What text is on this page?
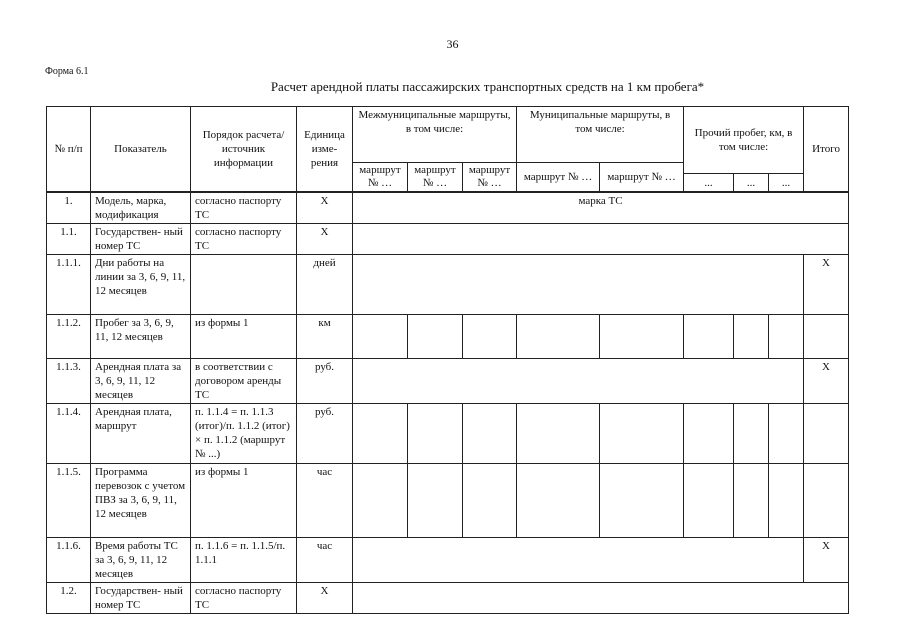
36
Форма 6.1
Расчет арендной платы пассажирских транспортных средств на 1 км пробега*
№ п/п	Показатель	Порядок расчета/источник информации	Единица изме- рения	Межмуниципальные маршруты, в том числе:			Муниципальные маршруты, в том числе:		Прочий пробег, км, в том числе:			Итого
				маршрут № …	маршрут № …	маршрут № …	маршрут № …	маршрут № …				
									...	...	...	
1.	Модель, марка, модификация	согласно паспорту ТС	Х	марка ТС								
1.1.	Государствен- ный номер ТС	согласно паспорту ТС	Х									
1.1.1.	Дни работы на линии за 3, 6, 9, 11, 12 месяцев		дней									Х
1.1.2.	Пробег за 3, 6, 9, 11, 12 месяцев	из формы 1	км									
1.1.3.	Арендная плата за 3, 6, 9, 11, 12 месяцев	в соответствии с договором аренды ТС	руб.									Х
1.1.4.	Арендная плата, маршрут	п. 1.1.4 = п. 1.1.3 (итог)/п. 1.1.2 (итог) × п. 1.1.2 (маршрут № ...)	руб.									
1.1.5.	Программа перевозок с учетом ПВЗ за 3, 6, 9, 11, 12 месяцев	из формы 1	час									
1.1.6.	Время работы ТС за 3, 6, 9, 11, 12 месяцев	п. 1.1.6 = п. 1.1.5/п. 1.1.1	час									Х
1.2.	Государствен- ный номер ТС	согласно паспорту ТС	Х									
